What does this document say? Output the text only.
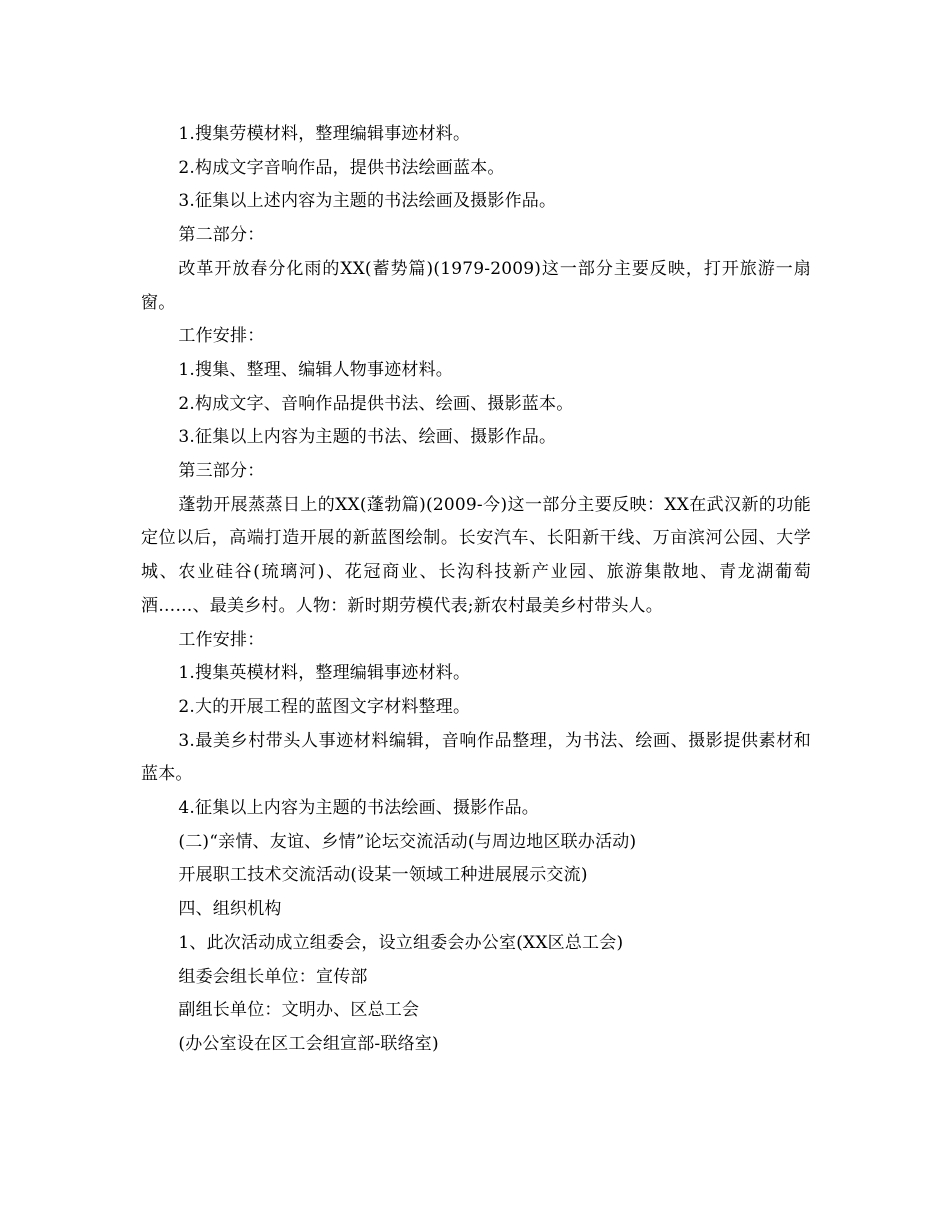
1.搜集劳模材料，整理编辑事迹材料。

2.构成文字音响作品，提供书法绘画蓝本。

3.征集以上述内容为主题的书法绘画及摄影作品。

第二部分：

改革开放春分化雨的XX(蓄势篇)(1979-2009)这一部分主要反映，打开旅游一扇窗。

工作安排：

1.搜集、整理、编辑人物事迹材料。

2.构成文字、音响作品提供书法、绘画、摄影蓝本。

3.征集以上内容为主题的书法、绘画、摄影作品。

第三部分：

蓬勃开展蒸蒸日上的XX(蓬勃篇)(2009-今)这一部分主要反映：XX在武汉新的功能定位以后，高端打造开展的新蓝图绘制。长安汽车、长阳新干线、万亩滨河公园、大学城、农业硅谷(琉璃河)、花冠商业、长沟科技新产业园、旅游集散地、青龙湖葡萄酒……、最美乡村。人物：新时期劳模代表;新农村最美乡村带头人。

工作安排：

1.搜集英模材料，整理编辑事迹材料。

2.大的开展工程的蓝图文字材料整理。

3.最美乡村带头人事迹材料编辑，音响作品整理，为书法、绘画、摄影提供素材和蓝本。

4.征集以上内容为主题的书法绘画、摄影作品。

(二)“亲情、友谊、乡情”论坛交流活动(与周边地区联办活动)

开展职工技术交流活动(设某一领域工种进展展示交流)

四、组织机构

1、此次活动成立组委会，设立组委会办公室(XX区总工会)

组委会组长单位：宣传部

副组长单位：文明办、区总工会

(办公室设在区工会组宣部-联络室)
